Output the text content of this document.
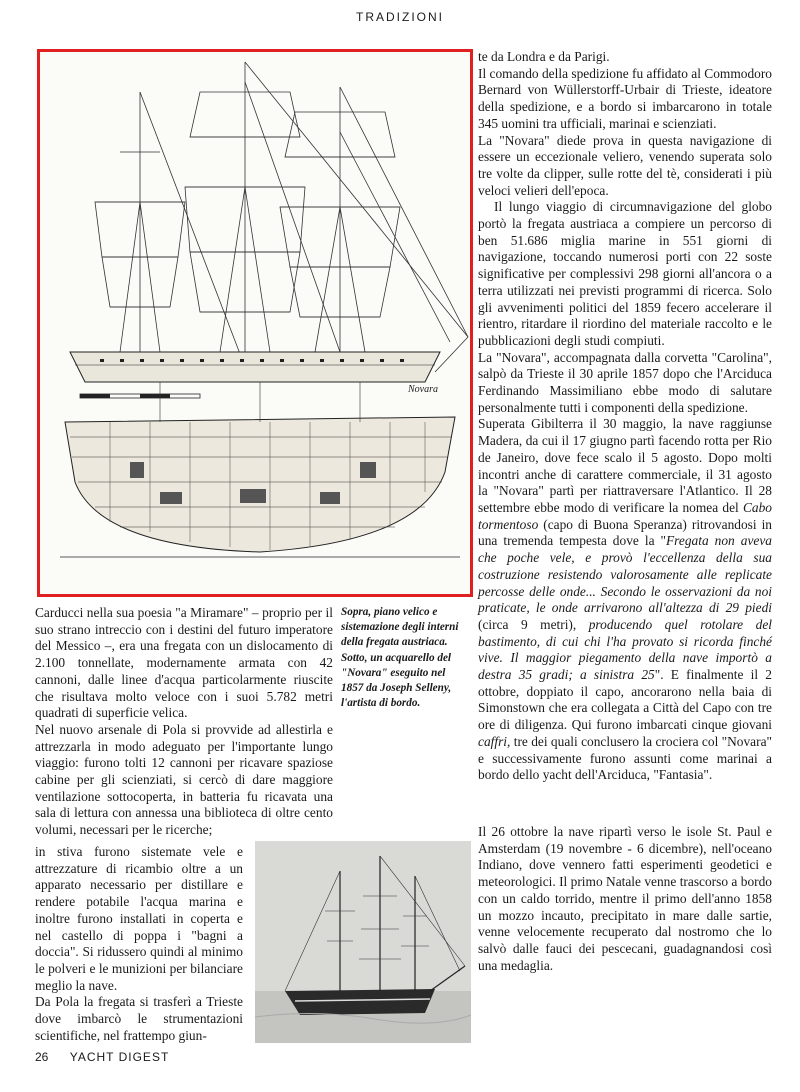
TRADIZIONI
Novara

te da Londra e da Parigi.

Il comando della spedizione fu affidato al Commodoro Bernard von Wüllerstorff-Urbair di Trieste, ideatore della spedizione, e a bordo si imbarcarono in totale 345 uomini tra ufficiali, marinai e scienziati.

La "Novara" diede prova in questa navigazione di essere un eccezionale veliero, venendo superata solo tre volte da clipper, sulle rotte del tè, considerati i più veloci velieri dell'epoca.

Il lungo viaggio di circumnavigazione del globo portò la fregata austriaca a compiere un percorso di ben 51.686 miglia marine in 551 giorni di navigazione, toccando numerosi porti con 22 soste significative per complessivi 298 giorni all'ancora o a terra utilizzati nei previsti programmi di ricerca. Solo gli avvenimenti politici del 1859 fecero accelerare il rientro, ritardare il riordino del materiale raccolto e le pubblicazioni degli studi compiuti.

La "Novara", accompagnata dalla corvetta "Carolina", salpò da Trieste il 30 aprile 1857 dopo che l'Arciduca Ferdinando Massimiliano ebbe modo di salutare personalmente tutti i componenti della spedizione.

Superata Gibilterra il 30 maggio, la nave raggiunse Madera, da cui il 17 giugno partì facendo rotta per Rio de Janeiro, dove fece scalo il 5 agosto. Dopo molti incontri anche di carattere commerciale, il 31 agosto la "Novara" partì per riattraversare l'Atlantico. Il 28 settembre ebbe modo di verificare la nomea del Cabo tormentoso (capo di Buona Speranza) ritrovandosi in una tremenda tempesta dove la "Fregata non aveva che poche vele, e provò l'eccellenza della sua costruzione resistendo valorosamente alle replicate percosse delle onde... Secondo le osservazioni da noi praticate, le onde arrivarono all'altezza di 29 piedi (circa 9 metri), producendo quel rotolare del bastimento, di cui chi l'ha provato si ricorda finché vive. Il maggior piegamento della nave importò a destra 35 gradi; a sinistra 25". E finalmente il 2 ottobre, doppiato il capo, ancorarono nella baia di Simonstown che era collegata a Città del Capo con tre ore di diligenza. Qui furono imbarcati cinque giovani caffri, tre dei quali conclusero la crociera col "Novara" e successivamente furono assunti come marinai a bordo dello yacht dell'Arciduca, "Fantasia".

Sopra, piano velico e sistemazione degli interni della fregata austriaca. Sotto, un acquarello del "Novara" eseguito nel 1857 da Joseph Selleny, l'artista di bordo.

Carducci nella sua poesia "a Miramare" – proprio per il suo strano intreccio con i destini del futuro imperatore del Messico –, era una fregata con un dislocamento di 2.100 tonnellate, modernamente armata con 42 cannoni, dalle linee d'acqua particolarmente riuscite che risultava molto veloce con i suoi 5.782 metri quadrati di superficie velica.

Nel nuovo arsenale di Pola si provvide ad allestirla e attrezzarla in modo adeguato per l'importante lungo viaggio: furono tolti 12 cannoni per ricavare spaziose cabine per gli scienziati, si cercò di dare maggiore ventilazione sottocoperta, in batteria fu ricavata una sala di lettura con annessa una biblioteca di oltre cento volumi, necessari per le ricerche;

in stiva furono sistemate vele e attrezzature di ricambio oltre a un apparato necessario per distillare e rendere potabile l'acqua marina e inoltre furono installati in coperta e nel castello di poppa i "bagni a doccia". Si ridussero quindi al minimo le polveri e le munizioni per bilanciare meglio la nave.

Da Pola la fregata si trasferì a Trieste dove imbarcò le strumentazioni scientifiche, nel frattempo giun-

Il 26 ottobre la nave ripartì verso le isole St. Paul e Amsterdam (19 novembre - 6 dicembre), nell'oceano Indiano, dove vennero fatti esperimenti geodetici e meteorologici. Il primo Natale venne trascorso a bordo con un caldo torrido, mentre il primo dell'anno 1858 un mozzo incauto, precipitato in mare dalle sartie, venne velocemente recuperato dal nostromo che lo salvò dalle fauci dei pescecani, guadagnandosi così una medaglia.

26 YACHT DIGEST
